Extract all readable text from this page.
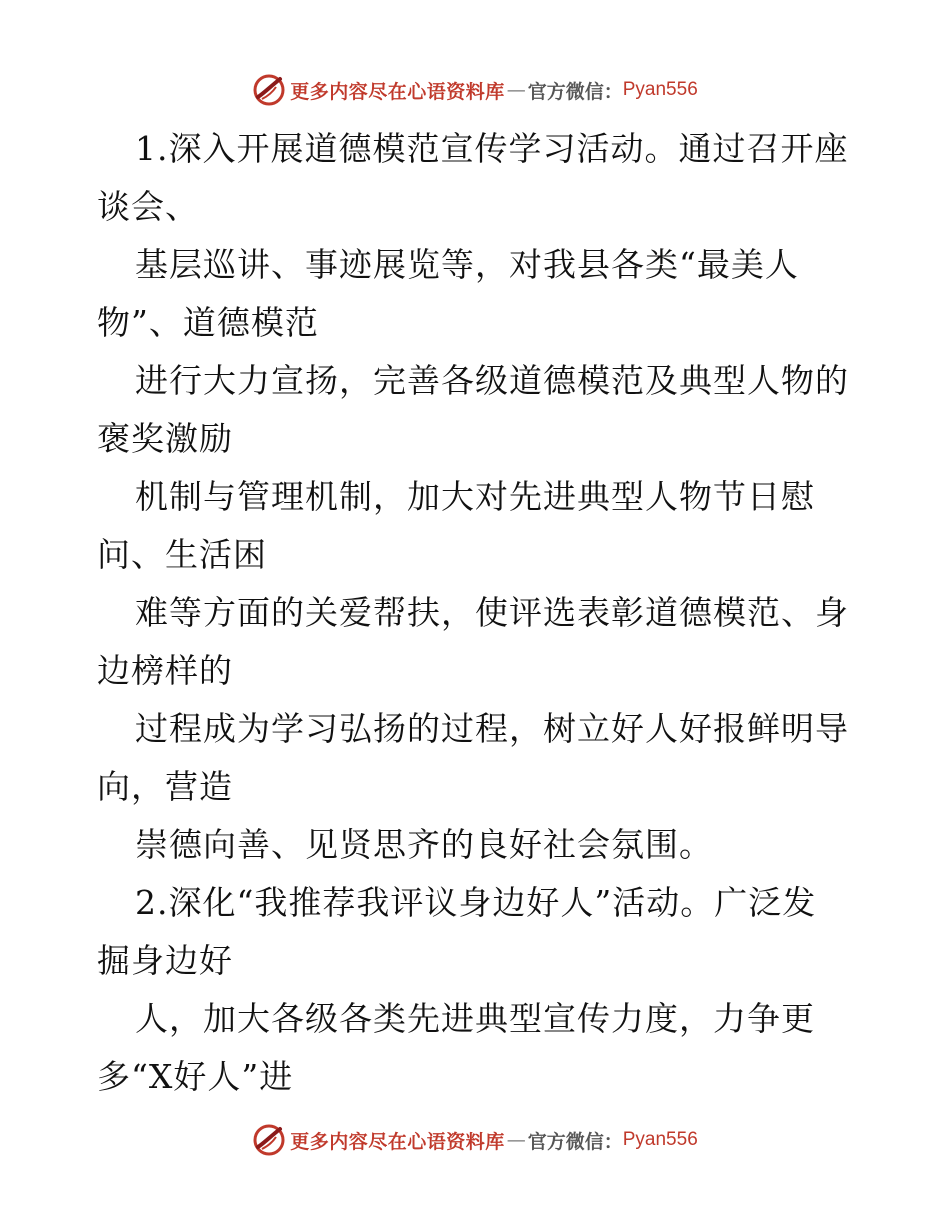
更多内容尽在心语资料库 — 官方微信： Pyan556
1.深入开展道德模范宣传学习活动。通过召开座
谈会、
基层巡讲、事迹展览等，对我县各类“最美人
物”、道德模范
进行大力宣扬，完善各级道德模范及典型人物的
褒奖激励
机制与管理机制，加大对先进典型人物节日慰
问、生活困
难等方面的关爱帮扶，使评选表彰道德模范、身
边榜样的
过程成为学习弘扬的过程，树立好人好报鲜明导
向，营造
崇德向善、见贤思齐的良好社会氛围。
2.深化“我推荐我评议身边好人”活动。广泛发
掘身边好
人，加大各级各类先进典型宣传力度，力争更
多“X好人”进
更多内容尽在心语资料库 — 官方微信： Pyan556
